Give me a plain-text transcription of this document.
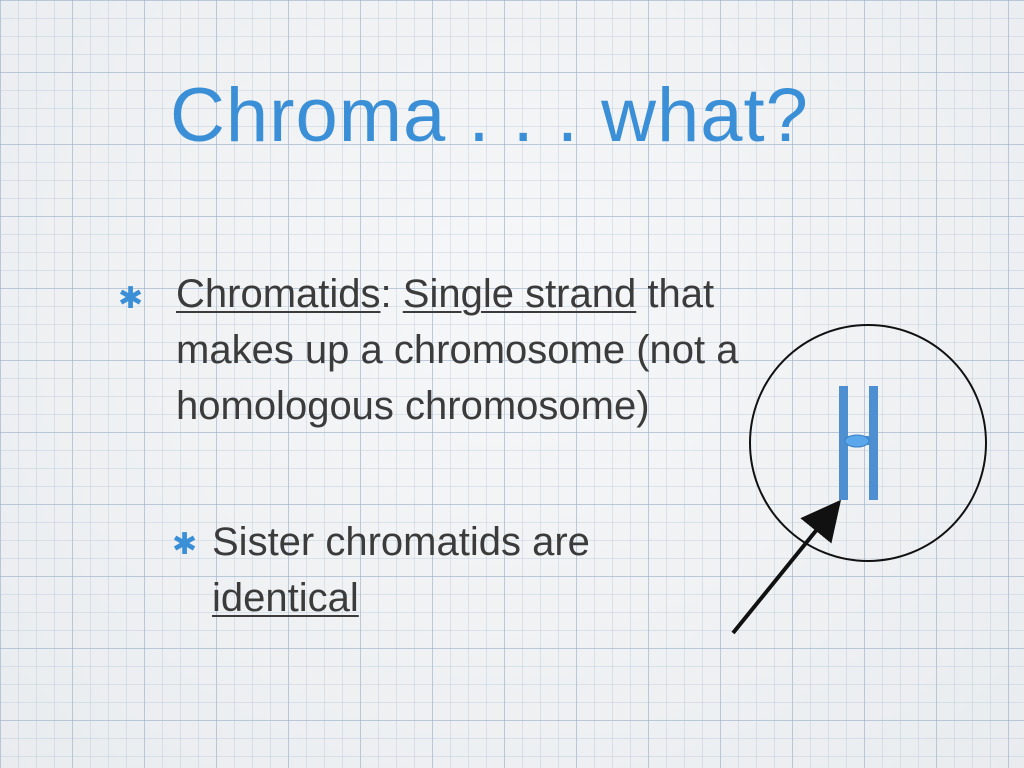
Chroma . . . what?
✱ Chromatids: Single strand that makes up a chromosome (not a homologous chromosome)
✱ Sister chromatids are identical
